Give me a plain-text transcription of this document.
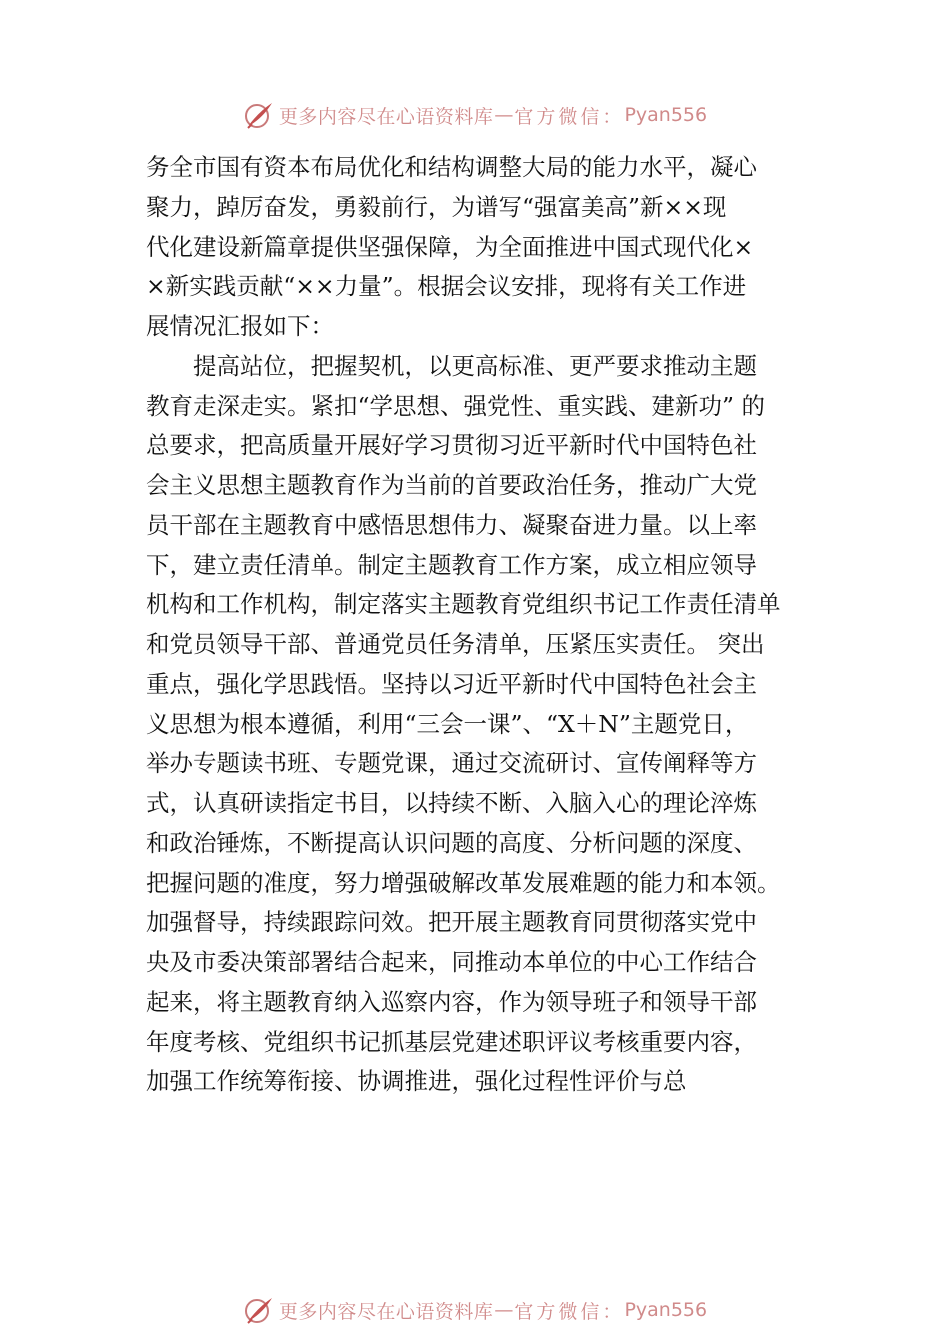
更多内容尽在心语资料库 — 官方微信： Pyan556
务全市国有资本布局优化和结构调整大局的能力水平，凝心
聚力，踔厉奋发，勇毅前行，为谱写“强富美高”新××现
代化建设新篇章提供坚强保障，为全面推进中国式现代化×
×新实践贡献“××力量”。根据会议安排，现将有关工作进
展情况汇报如下：
　　提高站位，把握契机，以更高标准、更严要求推动主题
教育走深走实。紧扣“学思想、强党性、重实践、建新功” 的
总要求，把高质量开展好学习贯彻习近平新时代中国特色社
会主义思想主题教育作为当前的首要政治任务，推动广大党
员干部在主题教育中感悟思想伟力、凝聚奋进力量。以上率
下，建立责任清单。制定主题教育工作方案，成立相应领导
机构和工作机构，制定落实主题教育党组织书记工作责任清单
和党员领导干部、普通党员任务清单，压紧压实责任。 突出
重点，强化学思践悟。坚持以习近平新时代中国特色社会主
义思想为根本遵循，利用“三会一课”、“X＋N”主题党日，
举办专题读书班、专题党课，通过交流研讨、宣传阐释等方
式，认真研读指定书目，以持续不断、入脑入心的理论淬炼
和政治锤炼，不断提高认识问题的高度、分析问题的深度、
把握问题的准度，努力增强破解改革发展难题的能力和本领。
加强督导，持续跟踪问效。把开展主题教育同贯彻落实党中
央及市委决策部署结合起来，同推动本单位的中心工作结合
起来，将主题教育纳入巡察内容，作为领导班子和领导干部
年度考核、党组织书记抓基层党建述职评议考核重要内容，
加强工作统筹衔接、协调推进，强化过程性评价与总
更多内容尽在心语资料库 — 官方微信： Pyan556
